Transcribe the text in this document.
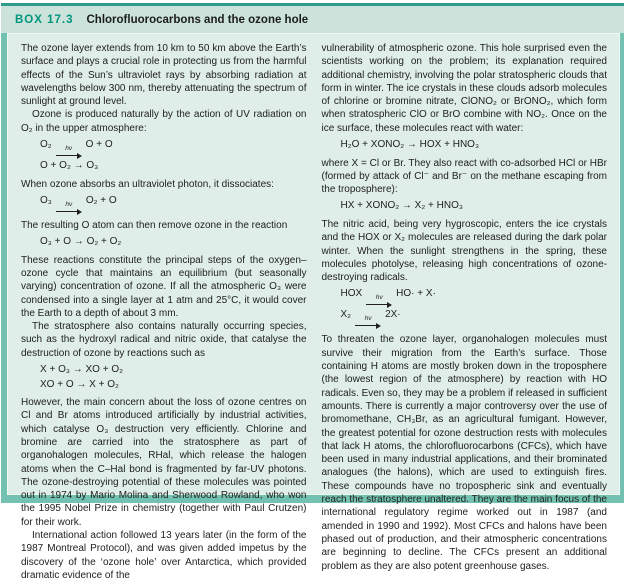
BOX 17.3 Chlorofluorocarbons and the ozone hole

The ozone layer extends from 10 km to 50 km above the Earth’s surface and plays a crucial role in protecting us from the harmful effects of the Sun’s ultraviolet rays by absorbing radiation at wavelengths below 300 nm, thereby attenuating the spectrum of sunlight at ground level.

Ozone is produced naturally by the action of UV radiation on O₂ in the upper atmosphere:

O₂ hν O + O
O + O₂ → O₃

When ozone absorbs an ultraviolet photon, it dissociates:

O₃ hν O₂ + O

The resulting O atom can then remove ozone in the reaction

O₃ + O → O₂ + O₂

These reactions constitute the principal steps of the oxygen–ozone cycle that maintains an equilibrium (but seasonally varying) concentration of ozone. If all the atmospheric O₃ were condensed into a single layer at 1 atm and 25°C, it would cover the Earth to a depth of about 3 mm.

The stratosphere also contains naturally occurring species, such as the hydroxyl radical and nitric oxide, that catalyse the destruction of ozone by reactions such as

X + O₃ → XO + O₂
XO + O → X + O₂

However, the main concern about the loss of ozone centres on Cl and Br atoms introduced artificially by industrial activities, which catalyse O₃ destruction very efficiently. Chlorine and bromine are carried into the stratosphere as part of organohalogen molecules, RHal, which release the halogen atoms when the C–Hal bond is fragmented by far-UV photons. The ozone-destroying potential of these molecules was pointed out in 1974 by Mario Molina and Sherwood Rowland, who won the 1995 Nobel Prize in chemistry (together with Paul Crutzen) for their work.

International action followed 13 years later (in the form of the 1987 Montreal Protocol), and was given added impetus by the discovery of the ‘ozone hole’ over Antarctica, which provided dramatic evidence of the

vulnerability of atmospheric ozone. This hole surprised even the scientists working on the problem; its explanation required additional chemistry, involving the polar stratospheric clouds that form in winter. The ice crystals in these clouds adsorb molecules of chlorine or bromine nitrate, ClONO₂ or BrONO₂, which form when stratospheric ClO or BrO combine with NO₂. Once on the ice surface, these molecules react with water:

H₂O + XONO₂ → HOX + HNO₃

where X = Cl or Br. They also react with co-adsorbed HCl or HBr (formed by attack of Cl⁻ and Br⁻ on the methane escaping from the troposphere):

HX + XONO₂ → X₂ + HNO₃

The nitric acid, being very hygroscopic, enters the ice crystals and the HOX or X₂ molecules are released during the dark polar winter. When the sunlight strengthens in the spring, these molecules photolyse, releasing high concentrations of ozone-destroying radicals.

HOX hν HO· + X·
X₂ hν 2X·

To threaten the ozone layer, organohalogen molecules must survive their migration from the Earth’s surface. Those containing H atoms are mostly broken down in the troposphere (the lowest region of the atmosphere) by reaction with HO radicals. Even so, they may be a problem if released in sufficient amounts. There is currently a major controversy over the use of bromomethane, CH₃Br, as an agricultural fumigant. However, the greatest potential for ozone destruction rests with molecules that lack H atoms, the chlorofluorocarbons (CFCs), which have been used in many industrial applications, and their brominated analogues (the halons), which are used to extinguish fires. These compounds have no tropospheric sink and eventually reach the stratosphere unaltered. They are the main focus of the international regulatory regime worked out in 1987 (and amended in 1990 and 1992). Most CFCs and halons have been phased out of production, and their atmospheric concentrations are beginning to decline. The CFCs present an additional problem as they are also potent greenhouse gases.
